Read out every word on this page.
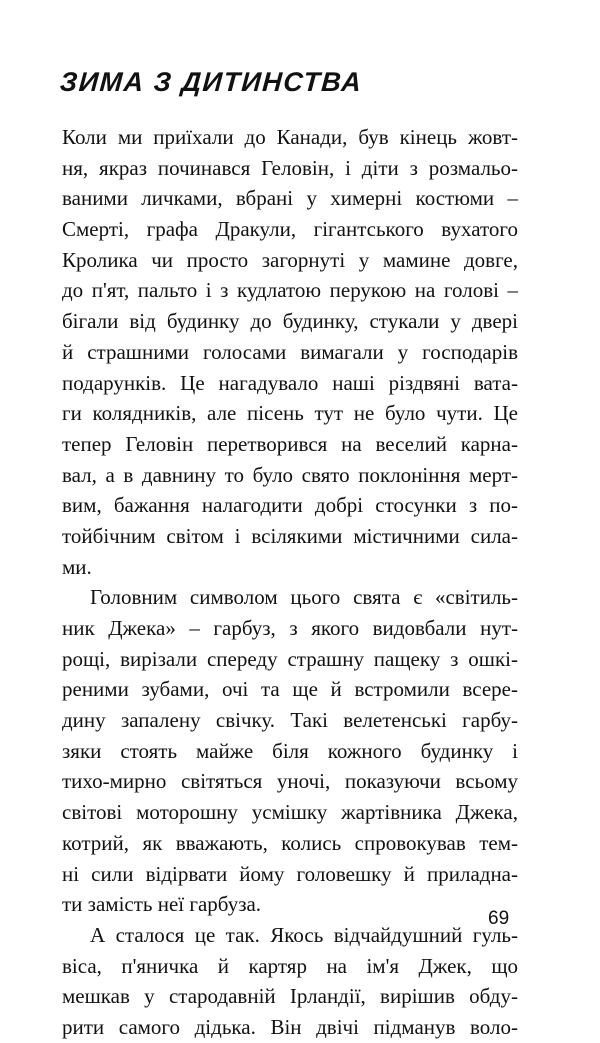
ЗИМА З ДИТИНСТВА
Коли ми приїхали до Канади, був кінець жовт-
ня, якраз починався Геловін, і діти з розмальо-
ваними личками, вбрані у химерні костюми –
Смерті, графа Дракули, гігантського вухатого
Кролика чи просто загорнуті у мамине довге,
до п'ят, пальто і з кудлатою перукою на голові –
бігали від будинку до будинку, стукали у двері
й страшними голосами вимагали у господарів
подарунків. Це нагадувало наші різдвяні вата-
ги колядників, але пісень тут не було чути. Це
тепер Геловін перетворився на веселий карна-
вал, а в давнину то було свято поклоніння мерт-
вим, бажання налагодити добрі стосунки з по-
тойбічним світом і всілякими містичними сила-
ми.
Головним символом цього свята є «світиль-
ник Джека» – гарбуз, з якого видовбали нут-
рощі, вирізали спереду страшну пащеку з ошкі-
реними зубами, очі та ще й встромили всере-
дину запалену свічку. Такі велетенські гарбу-
зяки стоять майже біля кожного будинку і
тихо-мирно світяться уночі, показуючи всьому
світові моторошну усмішку жартівника Джека,
котрий, як вважають, колись спровокував тем-
ні сили відірвати йому головешку й приладна-
ти замість неї гарбуза.
А сталося це так. Якось відчайдушний гуль-
віса, п'яничка й картяр на ім'я Джек, що
мешкав у стародавній Ірландії, вирішив обду-
рити самого дідька. Він двічі підманув воло-
69
